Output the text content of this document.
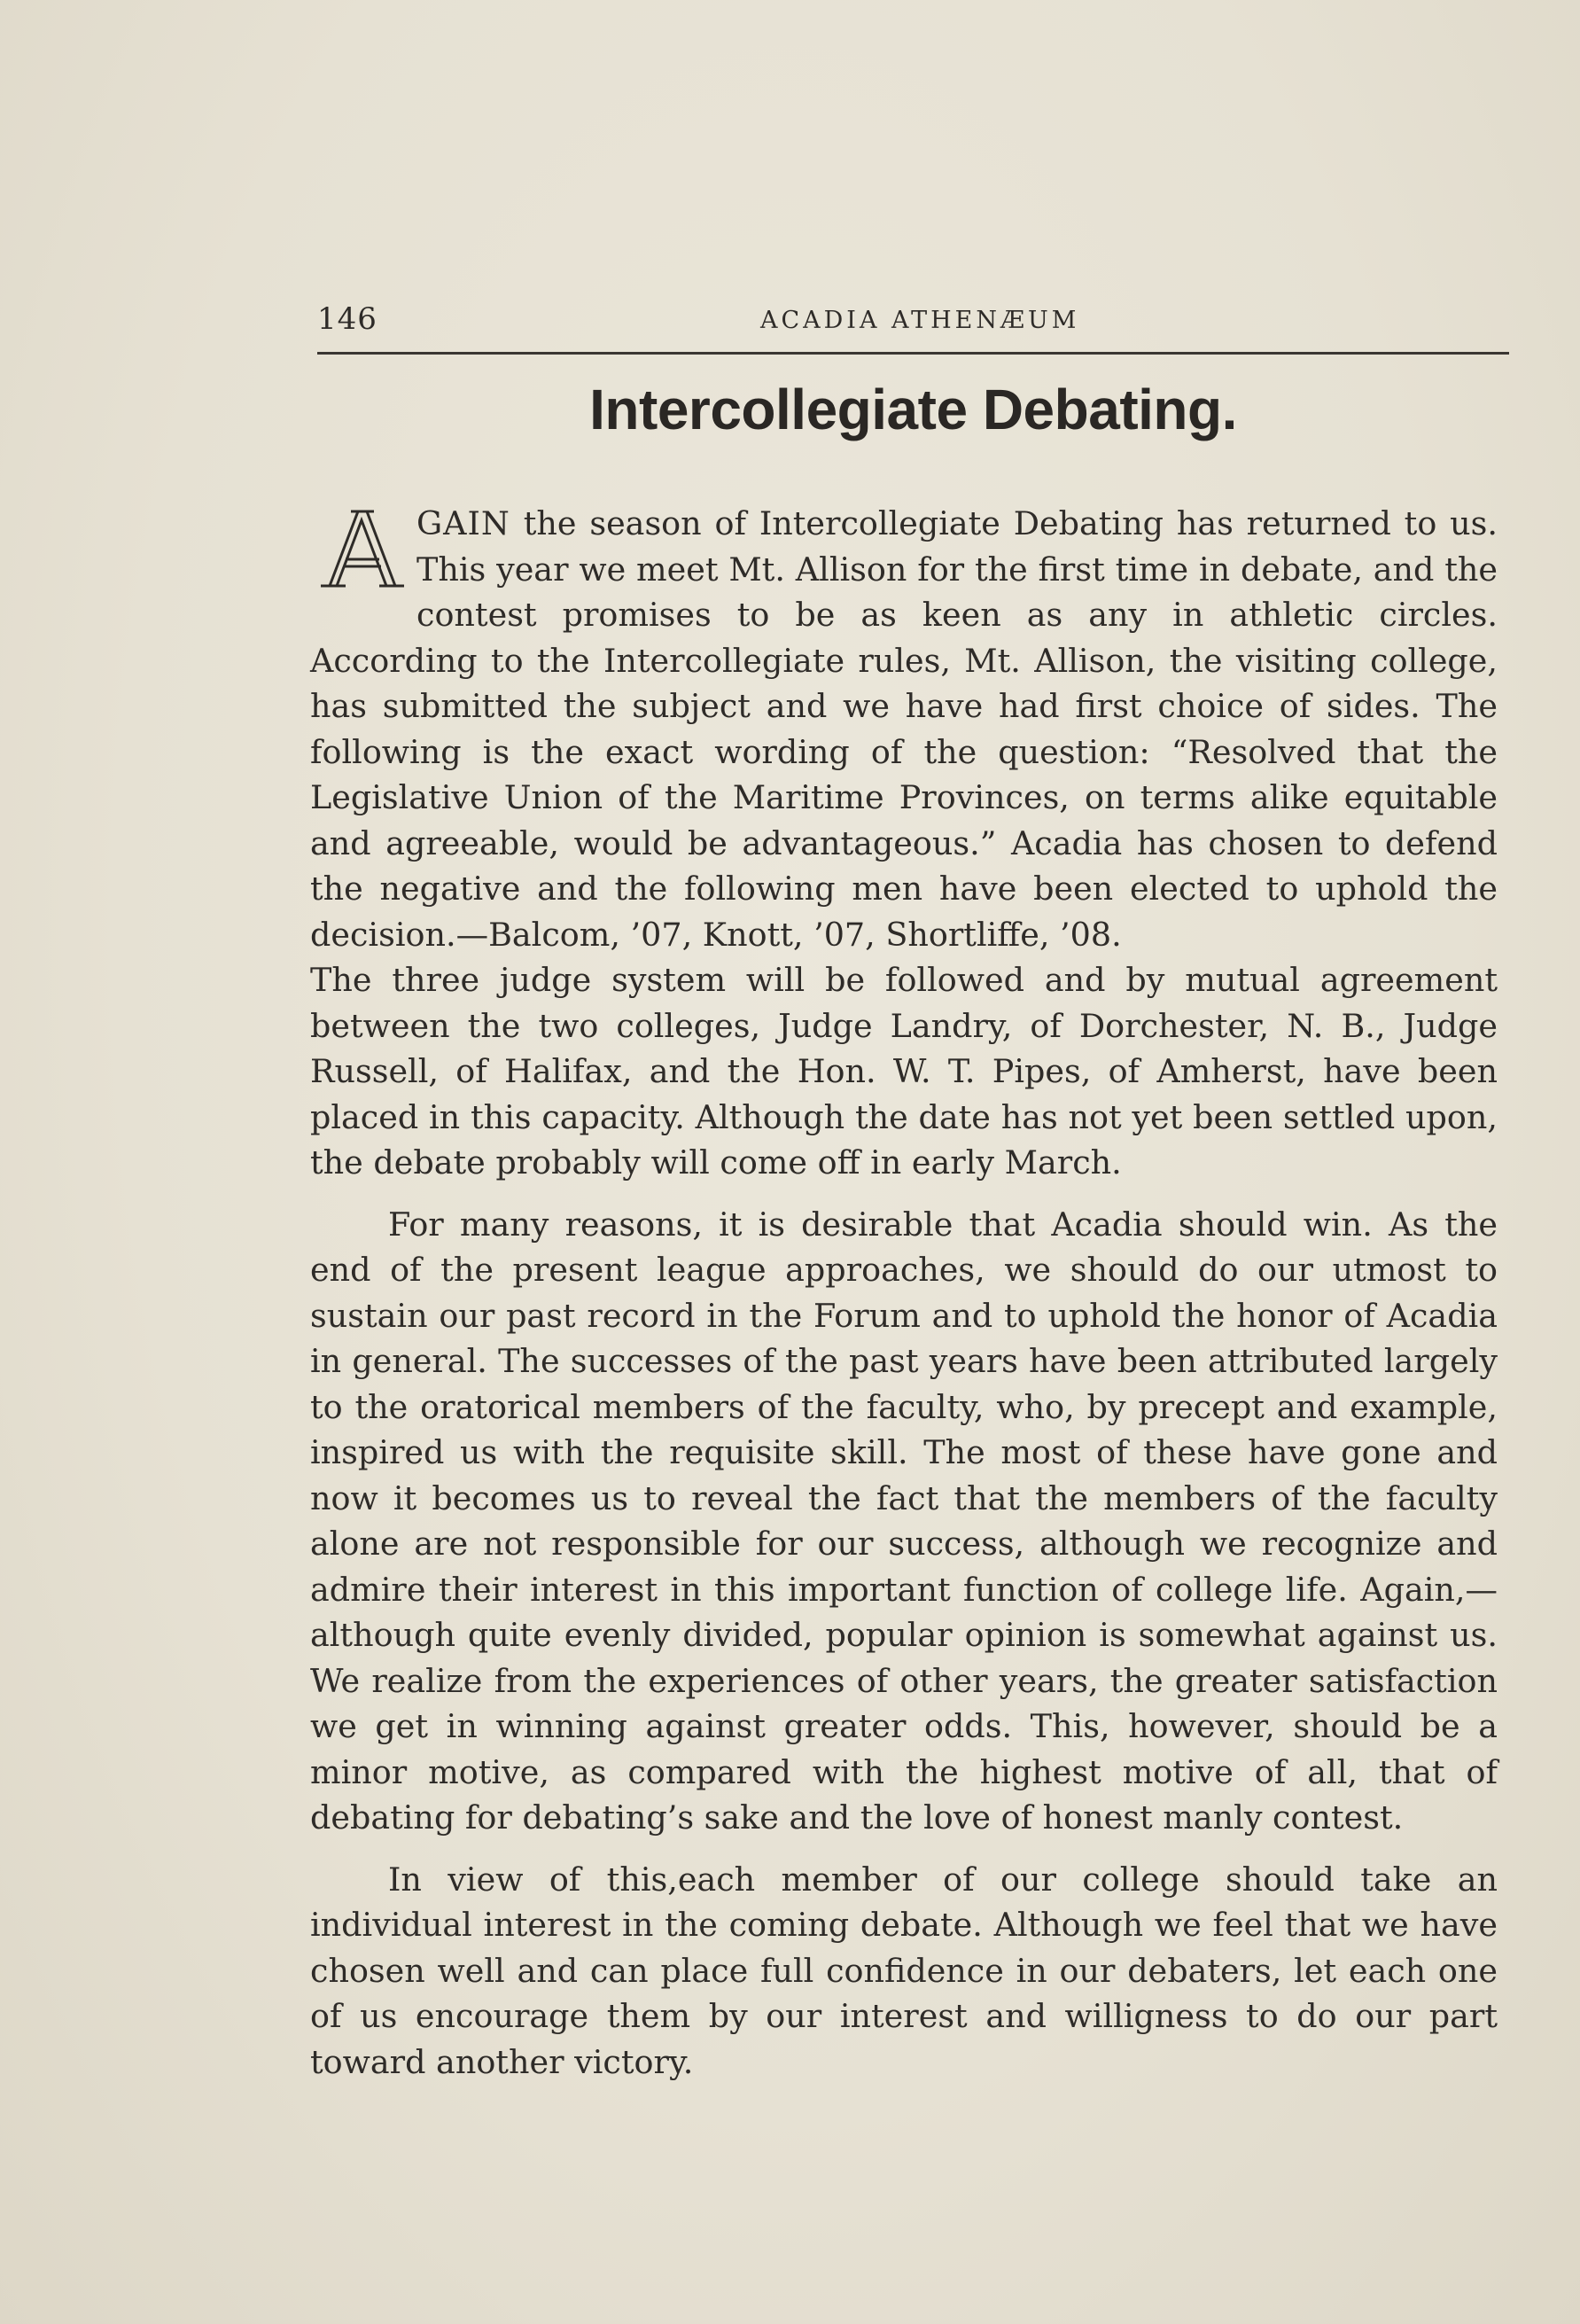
146	ACADIA ATHENÆUM
Intercollegiate Debating.

GAIN the season of Intercollegiate Debating has returned to us. This year we meet Mt. Allison for the first time in debate, and the contest promises to be as keen as any in athletic circles. According to the Intercollegiate rules, Mt. Allison, the visiting college, has submitted the subject and we have had first choice of sides. The following is the exact wording of the question: “Resolved that the Legislative Union of the Maritime Provinces, on terms alike equitable and agreeable, would be advantageous.” Acadia has chosen to defend the negative and the following men have been elected to uphold the decision.—Balcom, ’07, Knott, ’07, Shortliffe, ’08.

The three judge system will be followed and by mutual agreement between the two colleges, Judge Landry, of Dorchester, N. B., Judge Russell, of Halifax, and the Hon. W. T. Pipes, of Amherst, have been placed in this capacity. Although the date has not yet been settled upon, the debate probably will come off in early March.

For many reasons, it is desirable that Acadia should win. As the end of the present league approaches, we should do our utmost to sustain our past record in the Forum and to uphold the honor of Acadia in general. The successes of the past years have been attributed largely to the oratorical members of the faculty, who, by precept and example, inspired us with the requisite skill. The most of these have gone and now it becomes us to reveal the fact that the members of the faculty alone are not responsible for our success, although we recognize and admire their interest in this important function of college life. Again,—although quite evenly divided, popular opinion is somewhat against us. We realize from the experiences of other years, the greater satisfaction we get in winning against greater odds. This, however, should be a minor motive, as compared with the highest motive of all, that of debating for debating’s sake and the love of honest manly contest.

In view of this,each member of our college should take an individual interest in the coming debate. Although we feel that we have chosen well and can place full confidence in our debaters, let each one of us encourage them by our interest and willigness to do our part toward another victory.
